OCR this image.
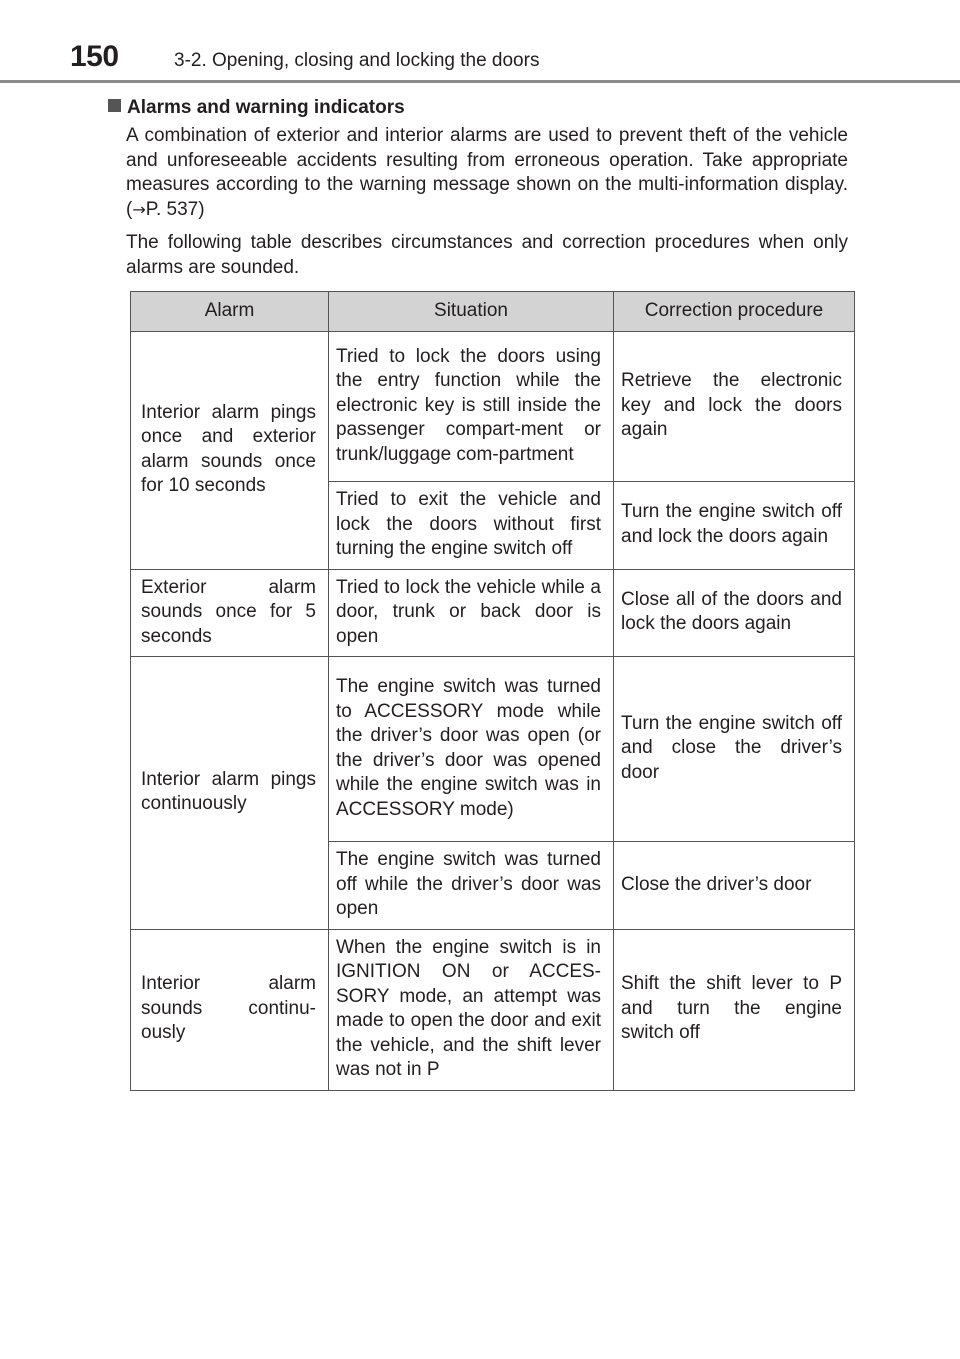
150	3-2. Opening, closing and locking the doors
Alarms and warning indicators
A combination of exterior and interior alarms are used to prevent theft of the vehicle and unforeseeable accidents resulting from erroneous operation. Take appropriate measures according to the warning message shown on the multi-information display. (→P. 537)
The following table describes circumstances and correction procedures when only alarms are sounded.
Alarm	Situation	Correction procedure
Interior alarm pings once and exterior alarm sounds once for 10 seconds	Tried to lock the doors using the entry function while the electronic key is still inside the passenger compart-ment or trunk/luggage com-partment	Retrieve the electronic key and lock the doors again
	Tried to exit the vehicle and lock the doors without first turning the engine switch off	Turn the engine switch off and lock the doors again
Exterior alarm sounds once for 5 seconds	Tried to lock the vehicle while a door, trunk or back door is open	Close all of the doors and lock the doors again
Interior alarm pings continuously	The engine switch was turned to ACCESSORY mode while the driver’s door was open (or the driver’s door was opened while the engine switch was in ACCESSORY mode)	Turn the engine switch off and close the driver’s door
	The engine switch was turned off while the driver’s door was open	Close the driver’s door
Interior alarm sounds continu-ously	When the engine switch is in IGNITION ON or ACCES-SORY mode, an attempt was made to open the door and exit the vehicle, and the shift lever was not in P	Shift the shift lever to P and turn the engine switch off
